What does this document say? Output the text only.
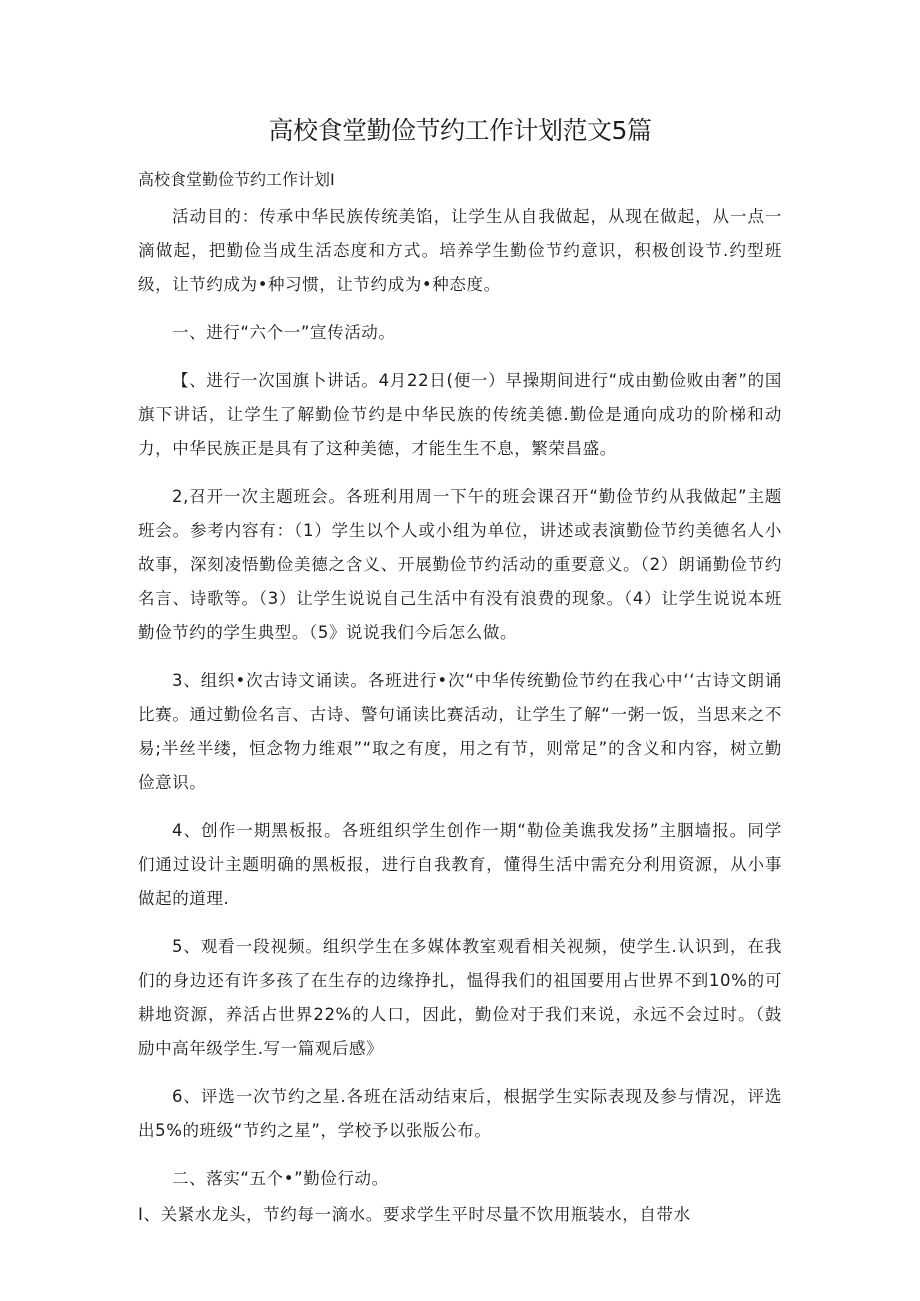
高校食堂勤俭节约工作计划范文5篇

高校食堂勤俭节约工作计划I

活动目的：传承中华民族传统美馅，让学生从自我做起，从现在做起，从一点一滴做起，把勤俭当成生活态度和方式。培养学生勤俭节约意识，积极创设节.约型班级，让节约成为•种习惯，让节约成为•种态度。

一、进行“六个一”宣传活动。

【、进行一次国旗卜讲话。4月22日(便一）早操期间进行“成由勤俭败由奢”的国旗下讲话，让学生了解勤俭节约是中华民族的传统美德.勤俭是通向成功的阶梯和动力，中华民族正是具有了这种美德，才能生生不息，繁荣昌盛。

2,召开一次主题班会。各班利用周一下午的班会课召开“勤俭节约从我做起”主题班会。参考内容有：（1）学生以个人或小组为单位，讲述或表演勤俭节约美德名人小故事，深刻凌悟勤俭美德之含义、开展勤俭节约活动的重要意义。（2）朗诵勤俭节约名言、诗歌等。（3）让学生说说自己生活中有没有浪费的现象。（4）让学生说说本班勤俭节约的学生典型。（5》说说我们今后怎么做。

3、组织•次古诗文诵读。各班进行•次“中华传统勤俭节约在我心中‘‘古诗文朗诵比赛。通过勤俭名言、古诗、警句诵读比赛活动，让学生了解“一粥一饭，当思来之不易;半丝半缕，恒念物力维艰”“取之有度，用之有节，则常足”的含义和内容，树立勤俭意识。

4、创作一期黑板报。各班组织学生创作一期“勒俭美谯我发扬”主胭墙报。同学们通过设计主题明确的黑板报，进行自我教育，懂得生活中需充分利用资源，从小事做起的道理.

5、观看一段视频。组织学生在多媒体教室观看相关视频，使学生.认识到，在我们的身边还有许多孩了在生存的边缘挣扎，愠得我们的祖国要用占世界不到10%的可耕地资源，养活占世界22%的人口，因此，勤俭对于我们来说，永远不会过时。（鼓励中高年级学生.写一篇观后感》

6、评选一次节约之星.各班在活动结束后，根据学生实际表现及参与情况，评选出5%的班级“节约之星”，学校予以张版公布。

二、落实“五个•”勤俭行动。

I、关紧水龙头，节约每一滴水。要求学生平时尽量不饮用瓶装水，自带水
